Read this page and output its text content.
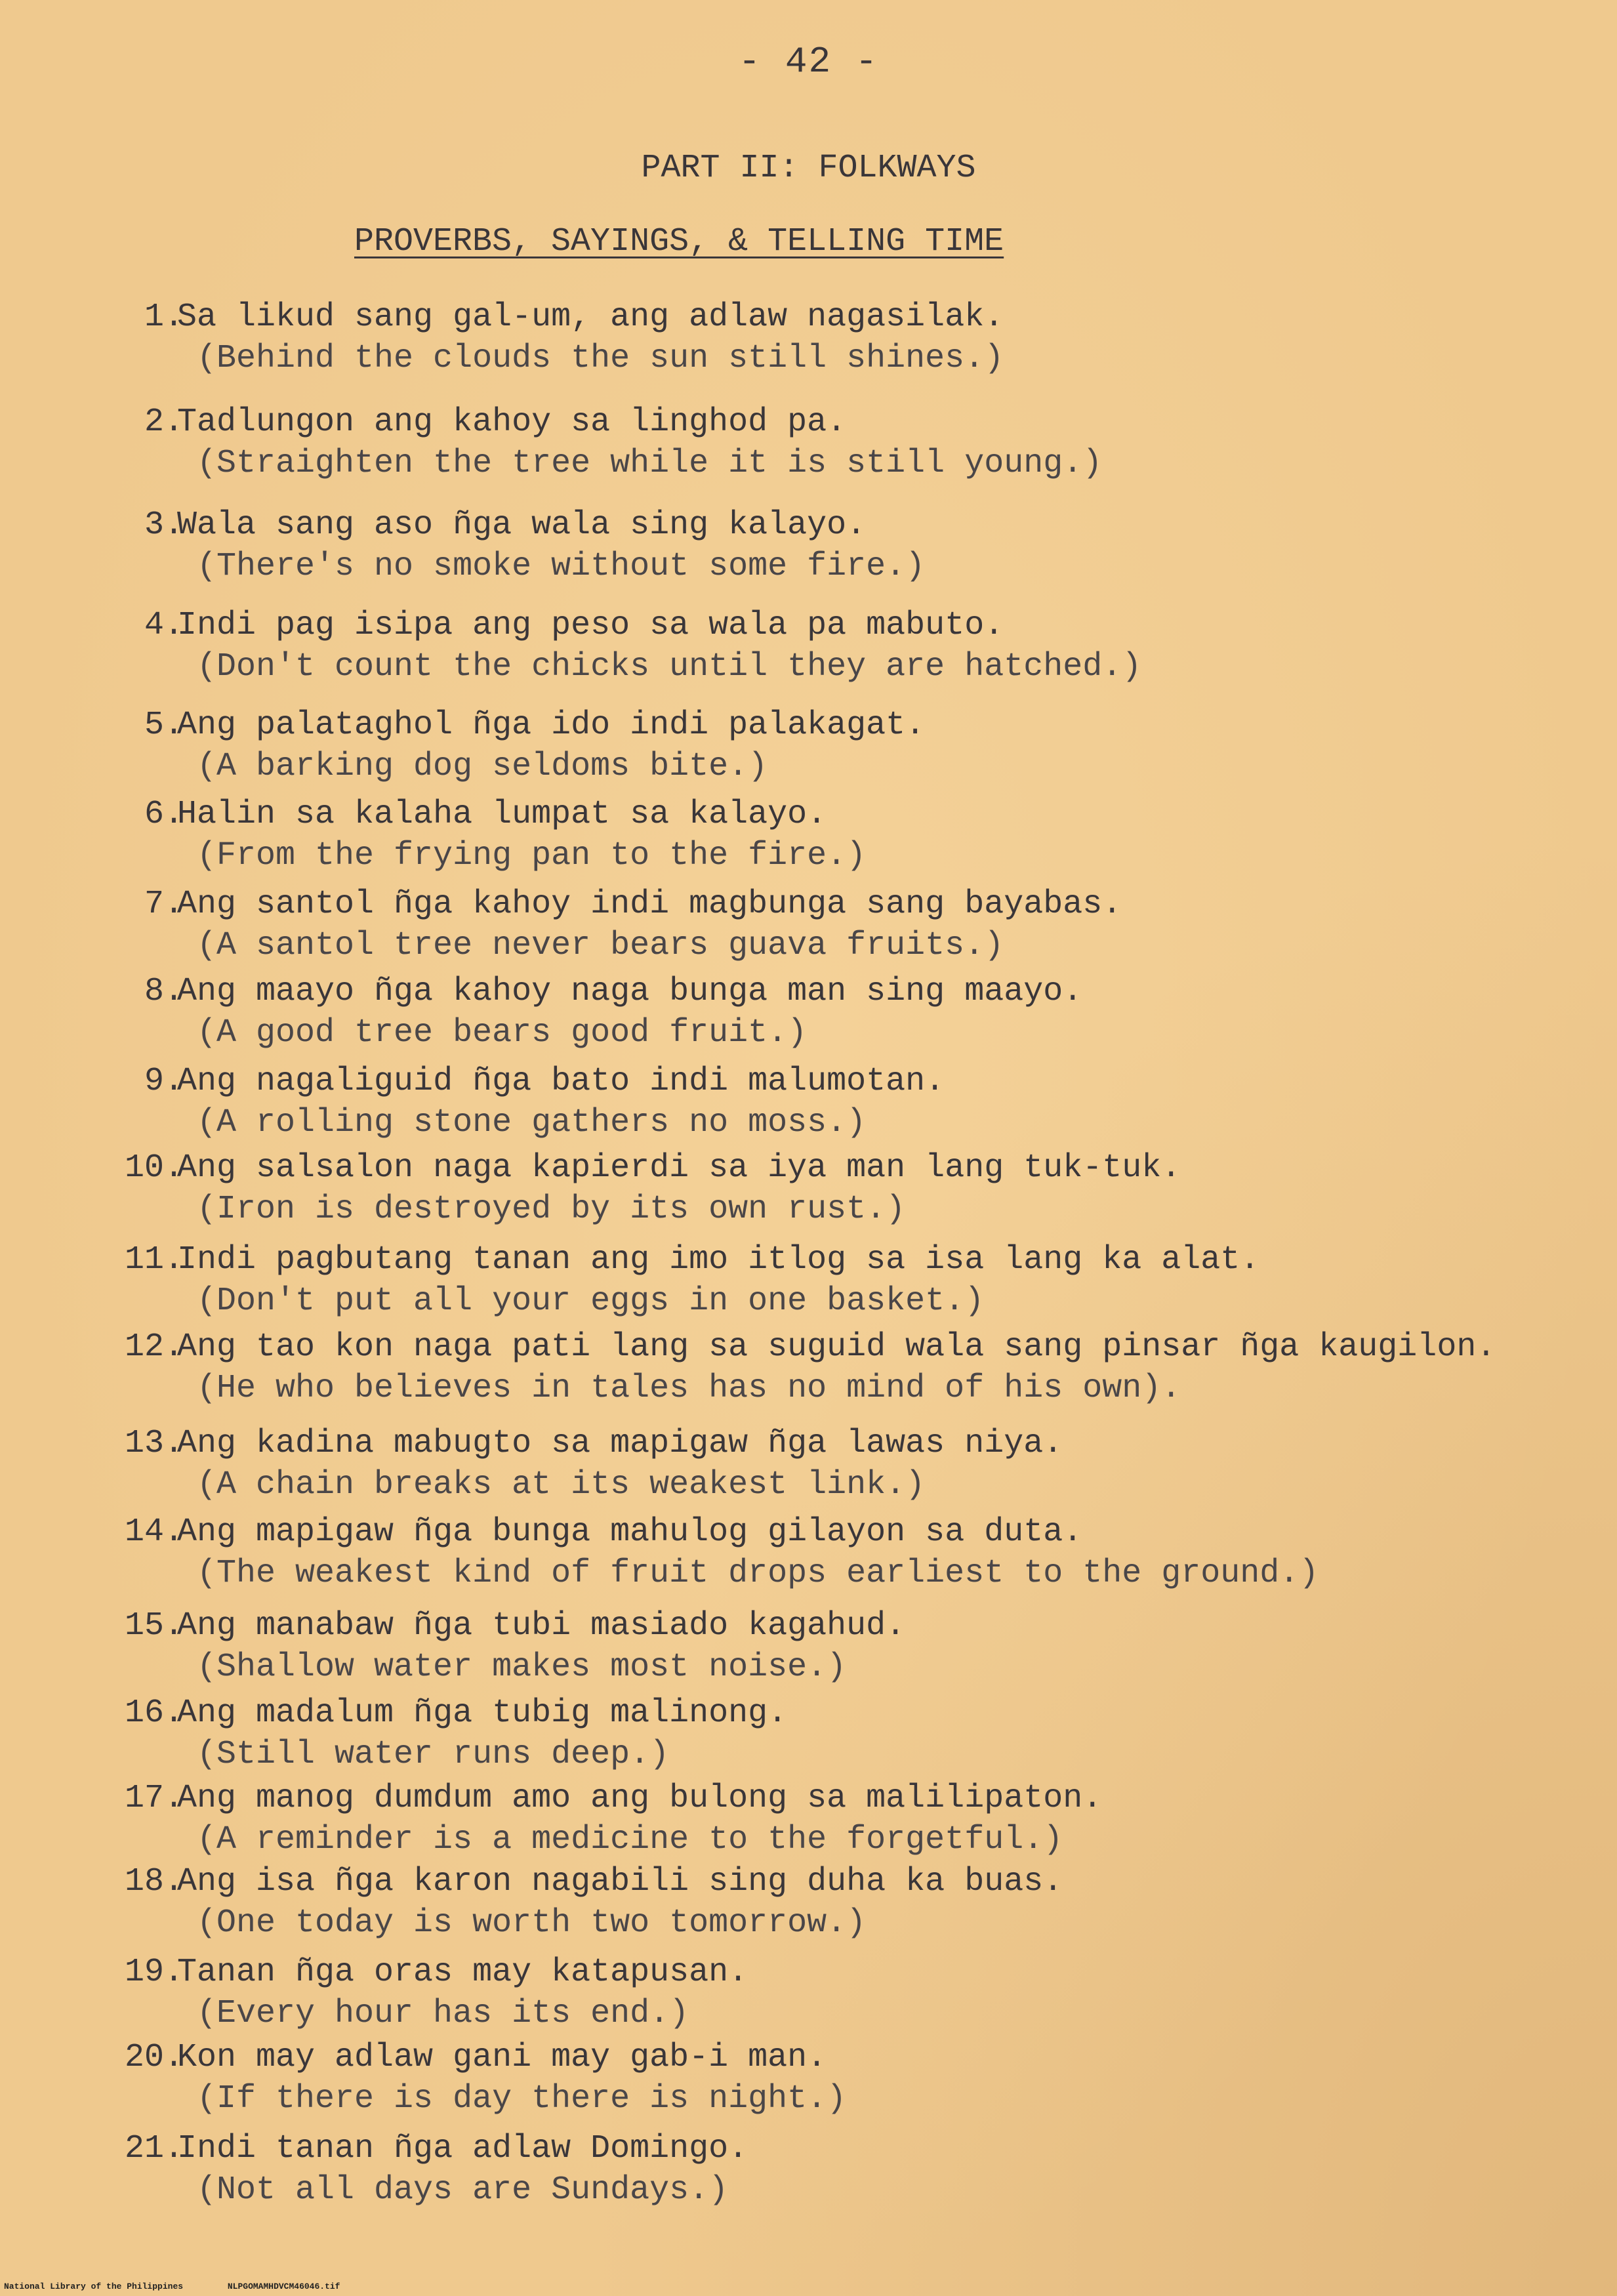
- 42 -
PART II: FOLKWAYS
PROVERBS, SAYINGS, & TELLING TIME
1.
Sa likud sang gal-um, ang adlaw nagasilak.
(Behind the clouds the sun still shines.)
2.
Tadlungon ang kahoy sa linghod pa.
(Straighten the tree while it is still young.)
3.
Wala sang aso ñga wala sing kalayo.
(There's no smoke without some fire.)
4.
Indi pag isipa ang peso sa wala pa mabuto.
(Don't count the chicks until they are hatched.)
5.
Ang palataghol ñga ido indi palakagat.
(A barking dog seldoms bite.)
6.
Halin sa kalaha lumpat sa kalayo.
(From the frying pan to the fire.)
7.
Ang santol ñga kahoy indi magbunga sang bayabas.
(A santol tree never bears guava fruits.)
8.
Ang maayo ñga kahoy naga bunga man sing maayo.
(A good tree bears good fruit.)
9.
Ang nagaliguid ñga bato indi malumotan.
(A rolling stone gathers no moss.)
10.
Ang salsalon naga kapierdi sa iya man lang tuk-tuk.
(Iron is destroyed by its own rust.)
11.
Indi pagbutang tanan ang imo itlog sa isa lang ka alat.
(Don't put all your eggs in one basket.)
12.
Ang tao kon naga pati lang sa suguid wala sang pinsar ñga kaugilon.
(He who believes in tales has no mind of his own).
13.
Ang kadina mabugto sa mapigaw ñga lawas niya.
(A chain breaks at its weakest link.)
14.
Ang mapigaw ñga bunga mahulog gilayon sa duta.
(The weakest kind of fruit drops earliest to the ground.)
15.
Ang manabaw ñga tubi masiado kagahud.
(Shallow water makes most noise.)
16.
Ang madalum ñga tubig malinong.
(Still water runs deep.)
17.
Ang manog dumdum amo ang bulong sa malilipaton.
(A reminder is a medicine to the forgetful.)
18.
Ang isa ñga karon nagabili sing duha ka buas.
(One today is worth two tomorrow.)
19.
Tanan ñga oras may katapusan.
(Every hour has its end.)
20.
Kon may adlaw gani may gab-i man.
(If there is day there is night.)
21.
Indi tanan ñga adlaw Domingo.
(Not all days are Sundays.)
National Library of the Philippines	NLPGOMAMHDVCM46046.tif
